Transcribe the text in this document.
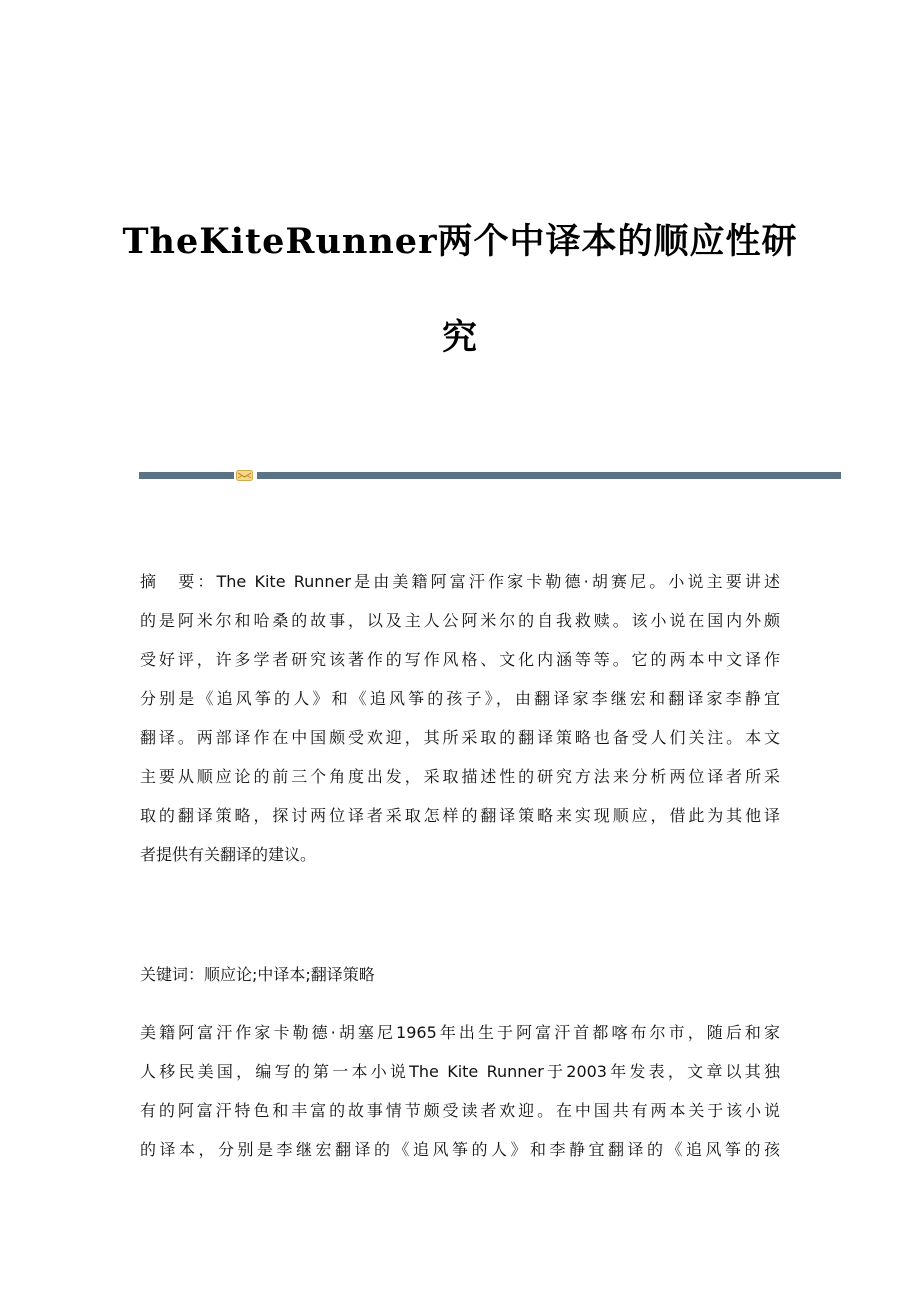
TheKiteRunner两个中译本的顺应性研
究
摘　要：The Kite Runner是由美籍阿富汗作家卡勒德·胡赛尼。小说主要讲述
的是阿米尔和哈桑的故事，以及主人公阿米尔的自我救赎。该小说在国内外颇
受好评，许多学者研究该著作的写作风格、文化内涵等等。它的两本中文译作
分别是《追风筝的人》和《追风筝的孩子》，由翻译家李继宏和翻译家李静宜
翻译。两部译作在中国颇受欢迎，其所采取的翻译策略也备受人们关注。本文
主要从顺应论的前三个角度出发，采取描述性的研究方法来分析两位译者所采
取的翻译策略，探讨两位译者采取怎样的翻译策略来实现顺应，借此为其他译
者提供有关翻译的建议。
关键词：顺应论;中译本;翻译策略
美籍阿富汗作家卡勒德·胡塞尼1965年出生于阿富汗首都喀布尔市，随后和家
人移民美国，编写的第一本小说The Kite Runner于2003年发表，文章以其独
有的阿富汗特色和丰富的故事情节颇受读者欢迎。在中国共有两本关于该小说
的译本，分别是李继宏翻译的《追风筝的人》和李静宜翻译的《追风筝的孩
